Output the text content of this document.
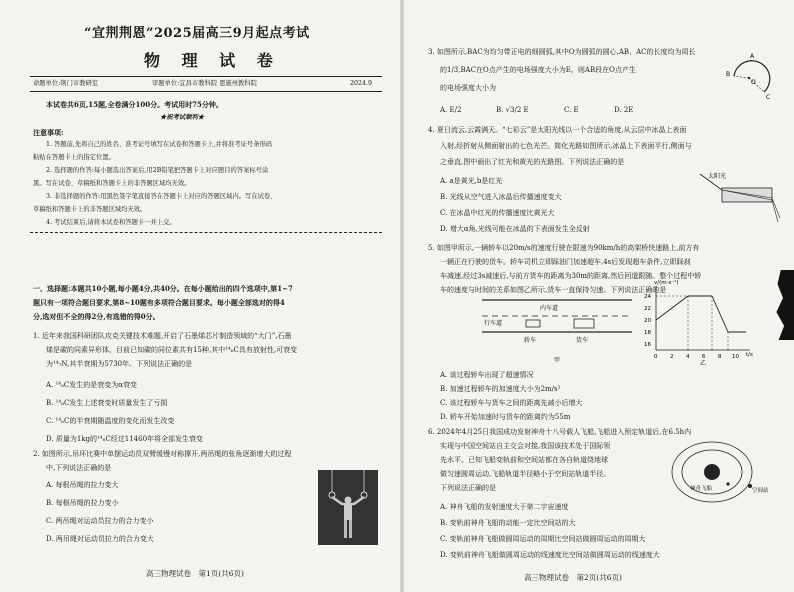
“宜荆荆恩”2025届高三9月起点考试
物 理 试 卷
命题单位:荆门市教研室	审题单位:宜昌市教科院 恩施州教科院	2024.9
本试卷共6页,15题,全卷满分100分。考试用时75分钟。
★祝考试顺利★
注意事项:
1. 答题前,先将自己的姓名、准考证号填写在试卷和答题卡上,并将准考证号条形码
粘贴在答题卡上的指定位置。
2. 选择题的作答:每小题选出答案后,用2B铅笔把答题卡上对应题目的答案标号涂
黑。写在试卷、草稿纸和答题卡上的非答题区域均无效。
3. 非选择题的作答:用黑色签字笔直接答在答题卡上对应的答题区域内。写在试卷、
草稿纸和答题卡上的非答题区域均无效。
4. 考试结束后,请将本试卷和答题卡一并上交。
一、选择题:本题共10小题,每小题4分,共40分。在每小题给出的四个选项中,第1~7
题只有一项符合题目要求,第8~10题有多项符合题目要求。每小题全部选对的得4
分,选对但不全的得2分,有选错的得0分。
1. 近年来我国科研团队攻克关键技术难题,开启了石墨烯芯片制造领域的“大门”,石墨
烯是碳的同素异形体。目前已知碳的同位素共有15种,其中¹⁴₆C具有放射性,可衰变
为¹⁴₇N,其半衰期为5730年。下列说法正确的是
A. ¹⁴₆C发生的是衰变为α衰变
B. ¹⁴₆C发生上述衰变时质量发生了亏损
C. ¹⁴₆C的半衰期随温度的变化而发生改变
D. 质量为1kg的¹⁴₆C经过11460年将全部发生衰变
2. 如图所示,吊环比赛中单摆运动员双臂缓慢对称撑开,两吊绳的张角逐渐增大的过程
中,下列说法正确的是
A. 每根吊绳的拉力变大
B. 每根吊绳的拉力变小
C. 两吊绳对运动员拉力的合力变小
D. 两吊绳对运动员拉力的合力变大
高三物理试卷　第1页(共6页)
3. 如图所示,BAC为均匀带正电的细圆弧,其中O为圆弧的圆心,AB、AC的长度均为周长
的1/3,BAC在O点产生的电场强度大小为E。则AB段在O点产生
的电场强度大小为
A. E/2	B. √3/2 E	C. E	D. 2E
B
A
O
C
4. 夏日流云,云霞满天。“七彩云”是太阳光线以一个合适的角度,从云层中冰晶上表面
入射,经折射从侧面射出的七色光芒。简化光路如图所示,冰晶上下表面平行,侧面与
之垂直,图中画出了红光和黄光的光路图。下列说法正确的是
A. a是黄光,b是红光
B. 光线从空气进入冰晶后传播速度变大
C. 在冰晶中红光的传播速度比黄光大
D. 增大α角,光线可能在冰晶的下表面发生全反射
太阳光
5. 如图甲所示,一辆轿车以20m/s的速度行驶在限速为90km/h的高架桥快速路上,前方有
一辆正在行驶的货车。轿车司机立即踩油门加速超车,4s后发现超车条件,立即踩刹
车减速,经过3s减速后,与前方货车的距离为30m的距离,然后回道跟随。整个过程中轿
车的速度与时间的关系如图乙所示,货车一直保持匀速。下列说法正确的是
内车道
行车道
轿车	货车
甲
v/(m·s⁻¹)
t/s
24
22
20
18
16
0 2 4 6 8 10
乙
A. 该过程轿车出现了超速情况
B. 加速过程轿车的加速度大小为2m/s²
C. 该过程轿车与货车之间的距离先减小后增大
D. 轿车开始加速时与货车的距离约为55m
6. 2024年4月25日我国成功发射神舟十八号载人飞船,飞船进入预定轨道后,在6.5h内
实现与中国空间站自主交会对接,我国该技术处于国际领
先水平。已知飞船变轨前和空间站都在各自轨道绕地球
做匀速圆周运动,飞船轨道半径略小于空间站轨道半径。
下列说法正确的是
A. 神舟飞船的发射速度大于第二宇宙速度
B. 变轨前神舟飞船的动能一定比空间站的大
C. 变轨前神舟飞船做圆周运动的周期比空间站做圆周运动的周期大
D. 变轨前神舟飞船做圆周运动的线速度比空间站做圆周运动的线速度大
神舟飞船	空间站
高三物理试卷　第2页(共6页)
